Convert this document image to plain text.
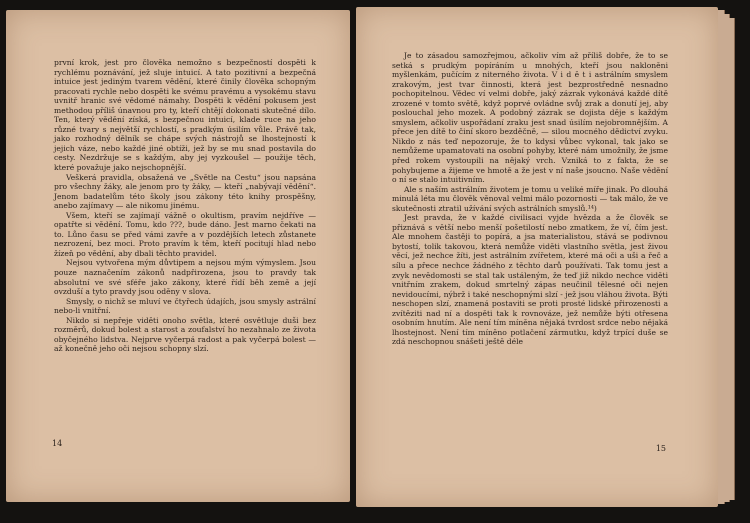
první krok, jest pro člověka nemožno s bezpečností dospěti k rychlému poznávání, jež sluje intuicí. A tato pozitivní a bezpečná intuice jest jediným tvarem vědění, které činily člověka schopným pracovati rychle nebo dospěti ke svému pravému a vysokému stavu uvnitř hranic své vědomé námahy. Dospěti k vědění pokusem jest methodou příliš únavnou pro ty, kteří chtějí dokonati skutečné dílo. Ten, který vědění získá, s bezpečnou intuicí, klade ruce na jeho různé tvary s největší rychlostí, s pradkým úsilím vůle. Právě tak, jako rozhodný dělník se chápe svých nástrojů se lhostejností k jejich váze, nebo každé jiné obtíži, jež by se mu snad postavila do cesty. Nezdržuje se s každým, aby jej vyzkoušel — použije těch, které považuje jako nejschopnější.

Veškerá pravidla, obsažená ve „Světle na Cestu“ jsou napsána pro všechny žáky, ale jenom pro ty žáky, — kteří „nabývají vědění“. Jenom badatelům této školy jsou zákony této knihy prospěšny, anebo zajímavy — ale nikomu jinému.

Všem, kteří se zajímají vážně o okultism, pravím nejdříve — opatřte si vědění. Tomu, kdo ???, bude dáno. Jest marno čekati na to. Lůno času se před vámi zavře a v pozdějších letech zůstanete nezrození, bez moci. Proto pravím k těm, kteří pocitují hlad nebo žízeň po vědění, aby dbali těchto pravidel.

Nejsou vytvořena mým důvtipem a nejsou mým výmyslem. Jsou pouze naznačením zákonů nadpřirozena, jsou to pravdy tak absolutní ve své sféře jako zákony, které řídí běh země a její ovzduší a tyto pravdy jsou oděny v slova.

Smysly, o nichž se mluví ve čtyřech údajích, jsou smysly astrální nebo-li vnitřní.

Nikdo si nepřeje viděti onoho světla, které osvětluje duši bez rozměrů, dokud bolest a starost a zoufalství ho nezahnalo ze života obyčejného lidstva. Nejprve vyčerpá radost a pak vyčerpá bolest — až konečně jeho oči nejsou schopny slzí.

14

Je to zásadou samozřejmou, ačkoliv vím až příliš dobře, že to se setká s prudkým popíráním u mnohých, kteří jsou nakloněni myšlenkám, pučícím z niterného života. V i d ě t i astrálním smyslem zrakovým, jest tvar činnosti, která jest bezprostředně nesnadno pochopitelnou. Vědec ví velmi dobře, jaký zázrak vykonává každé dítě zrozené v tomto světě, když poprvé ovládne svůj zrak a donutí jej, aby poslouchal jeho mozek. A podobný zázrak se dojista děje s každým smyslem, ačkoliv uspořádaní zraku jest snad úsilím nejobromnějším. A přece jen dítě to činí skoro bezděčně, — silou mocného dědictví zvyku. Nikdo z nás teď nepozoruje, že to kdysi vůbec vykonal, tak jako se nemůžeme upamatovati na osobní pohyby, které nám umožnily, že jsme před rokem vystoupili na nějaký vrch. Vzniká to z fakta, že se pohybujeme a žijeme ve hmotě a že jest v ní naše jsoucno. Naše vědění o ní se stalo intuitivním.

Ale s naším astrálním životem je tomu u veliké míře jinak. Po dlouhá minulá léta mu člověk věnoval velmi málo pozornosti — tak málo, že ve skutečnosti ztratil užívání svých astrálních smyslů.¹⁴)

Jest pravda, že v každé civilisaci vyjde hvězda a že člověk se přiznává s větší nebo menší pošetilostí nebo zmatkem, že ví, čím jest. Ale mnohem častěji to popírá, a jsa materialistou, stává se podivnou bytostí, tolik takovou, která nemůže viděti vlastního světla, jest živou věcí, jež nechce žíti, jest astrálním zvířetem, které má oči a uši a řeč a sílu a přece nechce žádného z těchto darů používati. Tak tomu jest a zvyk nevědomosti se stal tak ustáleným, že teď již nikdo nechce viděti vnitřním zrakem, dokud smrtelný zápas neučinil tělesné oči nejen nevidoucími, nýbrž i také neschopnými slzí - jež jsou vláhou života. Býti neschopen slzí, znamená postaviti se proti prosté lidské přirozenosti a zvítěziti nad ní a dospěti tak k rovnováze, jež nemůže býti otřesena osobním hnutím. Ale není tím míněna nějaká tvrdost srdce nebo nějaká lhostejnost. Není tím míněno potlačení zármutku, když trpící duše se zdá neschopnou snášeti ještě déle

15
